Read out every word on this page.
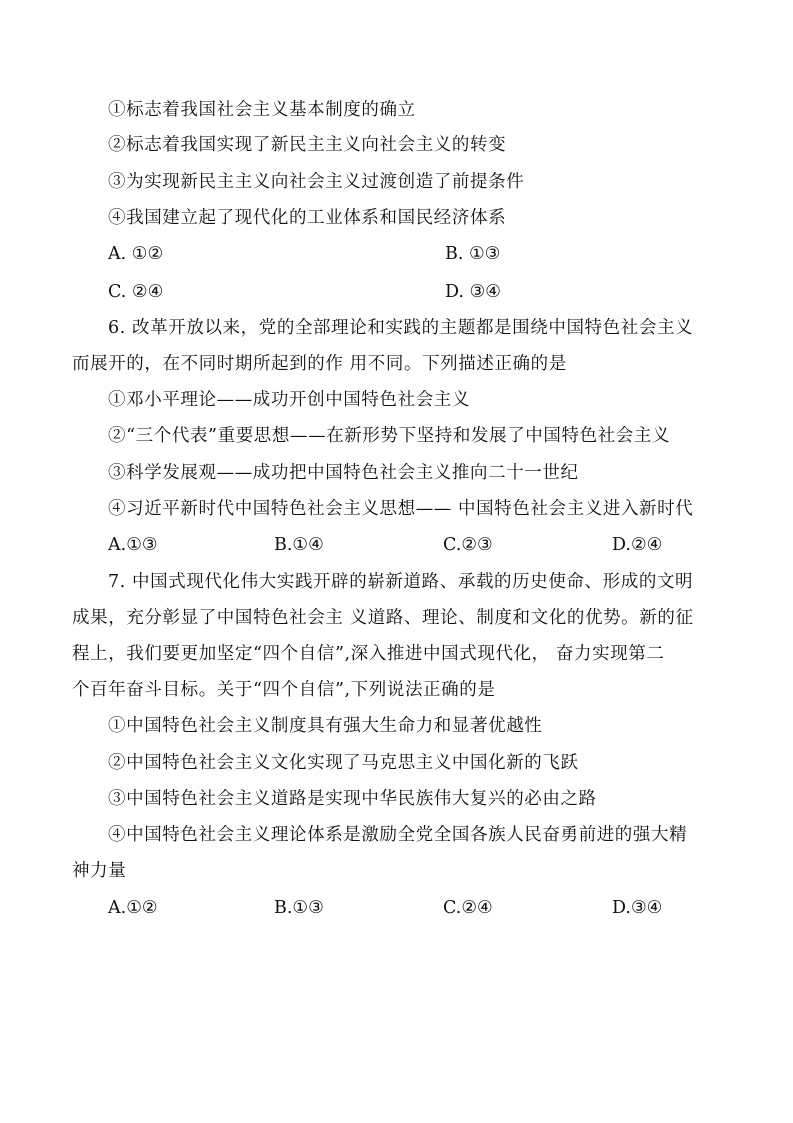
①标志着我国社会主义基本制度的确立
②标志着我国实现了新民主主义向社会主义的转变
③为实现新民主主义向社会主义过渡创造了前提条件
④我国建立起了现代化的工业体系和国民经济体系
A. ①②	B. ①③
C. ②④	D. ③④
6. 改革开放以来，党的全部理论和实践的主题都是围绕中国特色社会主义
而展开的，在不同时期所起到的作 用不同。下列描述正确的是
①邓小平理论——成功开创中国特色社会主义
②“三个代表”重要思想——在新形势下坚持和发展了中国特色社会主义
③科学发展观——成功把中国特色社会主义推向二十一世纪
④习近平新时代中国特色社会主义思想—— 中国特色社会主义进入新时代
A.①③	B.①④	C.②③	D.②④
7. 中国式现代化伟大实践开辟的崭新道路、承载的历史使命、形成的文明
成果，充分彰显了中国特色社会主 义道路、理论、制度和文化的优势。新的征
程上，我们要更加坚定“四个自信”,深入推进中国式现代化， 奋力实现第二
个百年奋斗目标。关于“四个自信”,下列说法正确的是
①中国特色社会主义制度具有强大生命力和显著优越性
②中国特色社会主义文化实现了马克思主义中国化新的飞跃
③中国特色社会主义道路是实现中华民族伟大复兴的必由之路
④中国特色社会主义理论体系是激励全党全国各族人民奋勇前进的强大精
神力量
A.①②	B.①③	C.②④	D.③④
